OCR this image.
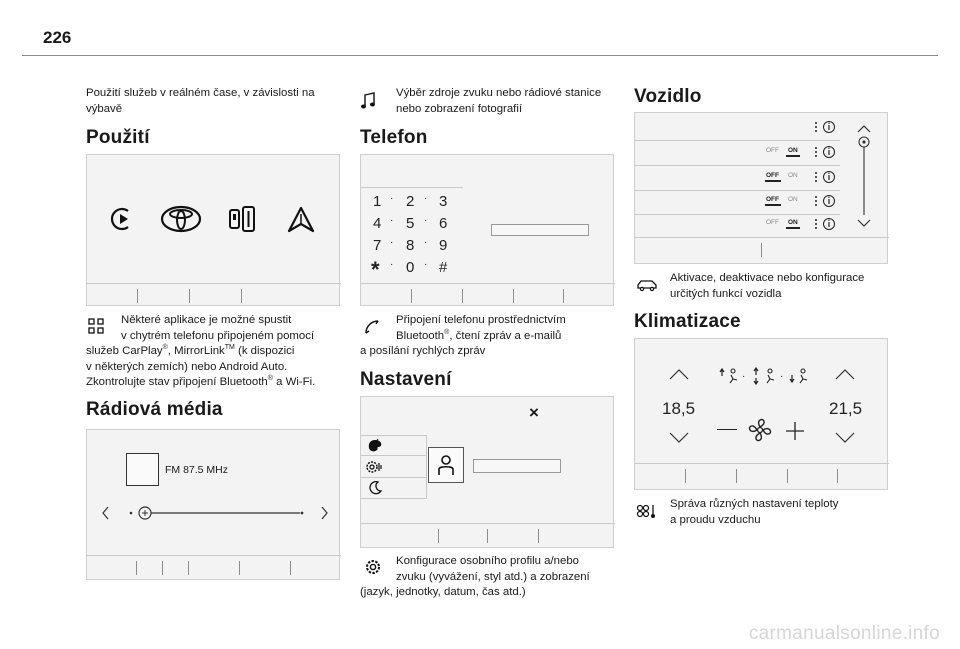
226
Použití služeb v reálném čase, v závislosti na výbavě
Použití
Některé aplikace je možné spustit
v chytrém telefonu připojeném pomocí
služeb CarPlay®, MirrorLink™ (k dispozici
v některých zemích) nebo Android Auto.
Zkontrolujte stav připojení Bluetooth® a Wi-Fi.
Rádiová média
FM 87.5 MHz
Výběr zdroje zvuku nebo rádiové stanice
nebo zobrazení fotografií
Telefon
1 · 2 · 3
4 · 5 · 6
7 · 8 · 9
* · 0 · #
Připojení telefonu prostřednictvím
Bluetooth®, čtení zpráv a e-mailů
a posílání rychlých zpráv
Nastavení
×
Konfigurace osobního profilu a/nebo
zvuku (vyvážení, styl atd.) a zobrazení
(jazyk, jednotky, datum, čas atd.)
Vozidlo
OFF ON
OFF ON
OFF ON
OFF ON
Aktivace, deaktivace nebo konfigurace
určitých funkcí vozidla
Klimatizace
18,5	21,5
·	·
Správa různých nastavení teploty
a proudu vzduchu
carmanualsonline.info
